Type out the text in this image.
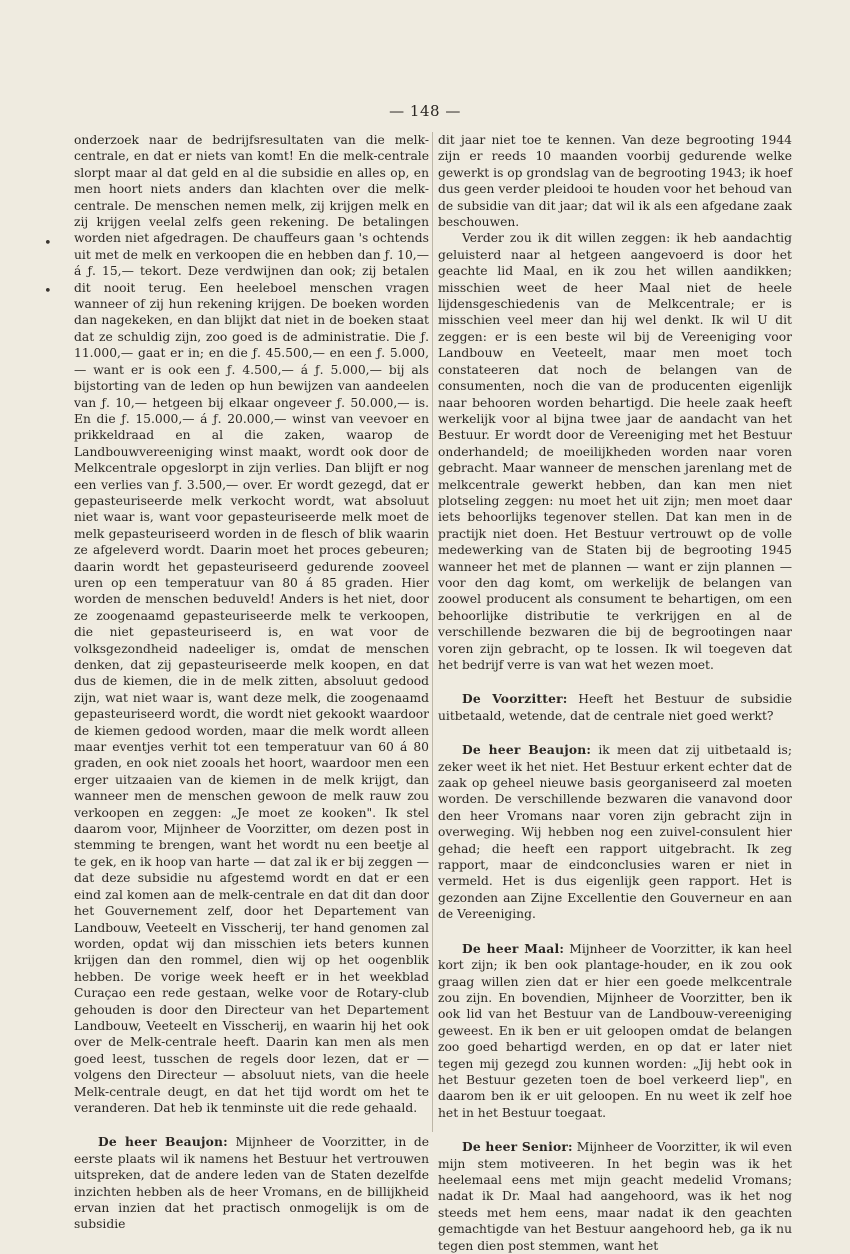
— 148 —
•
•

onderzoek naar de bedrijfsresultaten van die melk-centrale, en dat er niets van komt! En die melk-centrale slorpt maar al dat geld en al die subsidie en alles op, en men hoort niets anders dan klachten over die melk-centrale. De menschen nemen melk, zij krijgen melk en zij krijgen veelal zelfs geen rekening. De betalingen worden niet afgedragen. De chauffeurs gaan 's ochtends uit met de melk en verkoopen die en hebben dan ƒ. 10,— á ƒ. 15,— tekort. Deze verdwijnen dan ook; zij betalen dit nooit terug. Een heeleboel menschen vragen wanneer of zij hun rekening krijgen. De boeken worden dan nagekeken, en dan blijkt dat niet in de boeken staat dat ze schuldig zijn, zoo goed is de administratie. Die ƒ. 11.000,— gaat er in; en die ƒ. 45.500,— en een ƒ. 5.000,— want er is ook een ƒ. 4.500,— á ƒ. 5.000,— bij als bijstorting van de leden op hun bewijzen van aandeelen van ƒ. 10,— hetgeen bij elkaar ongeveer ƒ. 50.000,— is. En die ƒ. 15.000,— á ƒ. 20.000,— winst van veevoer en prikkeldraad en al die zaken, waarop de Landbouwvereeniging winst maakt, wordt ook door de Melkcentrale opgeslorpt in zijn verlies. Dan blijft er nog een verlies van ƒ. 3.500,— over. Er wordt gezegd, dat er gepasteuriseerde melk verkocht wordt, wat absoluut niet waar is, want voor gepasteuriseerde melk moet de melk gepasteuriseerd worden in de flesch of blik waarin ze afgeleverd wordt. Daarin moet het proces gebeuren; daarin wordt het gepasteuriseerd gedurende zooveel uren op een temperatuur van 80 á 85 graden. Hier worden de menschen beduveld! Anders is het niet, door ze zoogenaamd gepasteuriseerde melk te verkoopen, die niet gepasteuriseerd is, en wat voor de volksgezondheid nadeeliger is, omdat de menschen denken, dat zij gepasteuriseerde melk koopen, en dat dus de kiemen, die in de melk zitten, absoluut gedood zijn, wat niet waar is, want deze melk, die zoogenaamd gepasteuriseerd wordt, die wordt niet gekookt waardoor de kiemen gedood worden, maar die melk wordt alleen maar eventjes verhit tot een temperatuur van 60 á 80 graden, en ook niet zooals het hoort, waardoor men een erger uitzaaien van de kiemen in de melk krijgt, dan wanneer men de menschen gewoon de melk rauw zou verkoopen en zeggen: „Je moet ze kooken". Ik stel daarom voor, Mijnheer de Voorzitter, om dezen post in stemming te brengen, want het wordt nu een beetje al te gek, en ik hoop van harte — dat zal ik er bij zeggen — dat deze subsidie nu afgestemd wordt en dat er een eind zal komen aan de melk-centrale en dat dit dan door het Gouvernement zelf, door het Departement van Landbouw, Veeteelt en Visscherij, ter hand genomen zal worden, opdat wij dan misschien iets beters kunnen krijgen dan den rommel, dien wij op het oogenblik hebben. De vorige week heeft er in het weekblad Curaçao een rede gestaan, welke voor de Rotary-club gehouden is door den Directeur van het Departement Landbouw, Veeteelt en Visscherij, en waarin hij het ook over de Melk-centrale heeft. Daarin kan men als men goed leest, tusschen de regels door lezen, dat er — volgens den Directeur — absoluut niets, van die heele Melk-centrale deugt, en dat het tijd wordt om het te veranderen. Dat heb ik tenminste uit die rede gehaald.

De heer Beaujon: Mijnheer de Voorzitter, in de eerste plaats wil ik namens het Bestuur het vertrouwen uitspreken, dat de andere leden van de Staten dezelfde inzichten hebben als de heer Vromans, en de billijkheid ervan inzien dat het practisch onmogelijk is om de subsidie

dit jaar niet toe te kennen. Van deze begrooting 1944 zijn er reeds 10 maanden voorbij gedurende welke gewerkt is op grondslag van de begrooting 1943; ik hoef dus geen verder pleidooi te houden voor het behoud van de subsidie van dit jaar; dat wil ik als een afgedane zaak beschouwen.

Verder zou ik dit willen zeggen: ik heb aandachtig geluisterd naar al hetgeen aangevoerd is door het geachte lid Maal, en ik zou het willen aandikken; misschien weet de heer Maal niet de heele lijdensgeschiedenis van de Melkcentrale; er is misschien veel meer dan hij wel denkt. Ik wil U dit zeggen: er is een beste wil bij de Vereeniging voor Landbouw en Veeteelt, maar men moet toch constateeren dat noch de belangen van de consumenten, noch die van de producenten eigenlijk naar behooren worden behartigd. Die heele zaak heeft werkelijk voor al bijna twee jaar de aandacht van het Bestuur. Er wordt door de Vereeniging met het Bestuur onderhandeld; de moeilijkheden worden naar voren gebracht. Maar wanneer de menschen jarenlang met de melkcentrale gewerkt hebben, dan kan men niet plotseling zeggen: nu moet het uit zijn; men moet daar iets behoorlijks tegenover stellen. Dat kan men in de practijk niet doen. Het Bestuur vertrouwt op de volle medewerking van de Staten bij de begrooting 1945 wanneer het met de plannen — want er zijn plannen — voor den dag komt, om werkelijk de belangen van zoowel producent als consument te behartigen, om een behoorlijke distributie te verkrijgen en al de verschillende bezwaren die bij de begrootingen naar voren zijn gebracht, op te lossen. Ik wil toegeven dat het bedrijf verre is van wat het wezen moet.

De Voorzitter: Heeft het Bestuur de subsidie uitbetaald, wetende, dat de centrale niet goed werkt?

De heer Beaujon: ik meen dat zij uitbetaald is; zeker weet ik het niet. Het Bestuur erkent echter dat de zaak op geheel nieuwe basis georganiseerd zal moeten worden. De verschillende bezwaren die vanavond door den heer Vromans naar voren zijn gebracht zijn in overweging. Wij hebben nog een zuivel-consulent hier gehad; die heeft een rapport uitgebracht. Ik zeg rapport, maar de eindconclusies waren er niet in vermeld. Het is dus eigenlijk geen rapport. Het is gezonden aan Zijne Excellentie den Gouverneur en aan de Vereeniging.

De heer Maal: Mijnheer de Voorzitter, ik kan heel kort zijn; ik ben ook plantage-houder, en ik zou ook graag willen zien dat er hier een goede melkcentrale zou zijn. En bovendien, Mijnheer de Voorzitter, ben ik ook lid van het Bestuur van de Landbouw-vereeniging geweest. En ik ben er uit geloopen omdat de belangen zoo goed behartigd werden, en op dat er later niet tegen mij gezegd zou kunnen worden: „Jij hebt ook in het Bestuur gezeten toen de boel verkeerd liep", en daarom ben ik er uit geloopen. En nu weet ik zelf hoe het in het Bestuur toegaat.

De heer Senior: Mijnheer de Voorzitter, ik wil even mijn stem motiveeren. In het begin was ik het heelemaal eens met mijn geacht medelid Vromans; nadat ik Dr. Maal had aangehoord, was ik het nog steeds met hem eens, maar nadat ik den geachten gemachtigde van het Bestuur aangehoord heb, ga ik nu tegen dien post stemmen, want het
